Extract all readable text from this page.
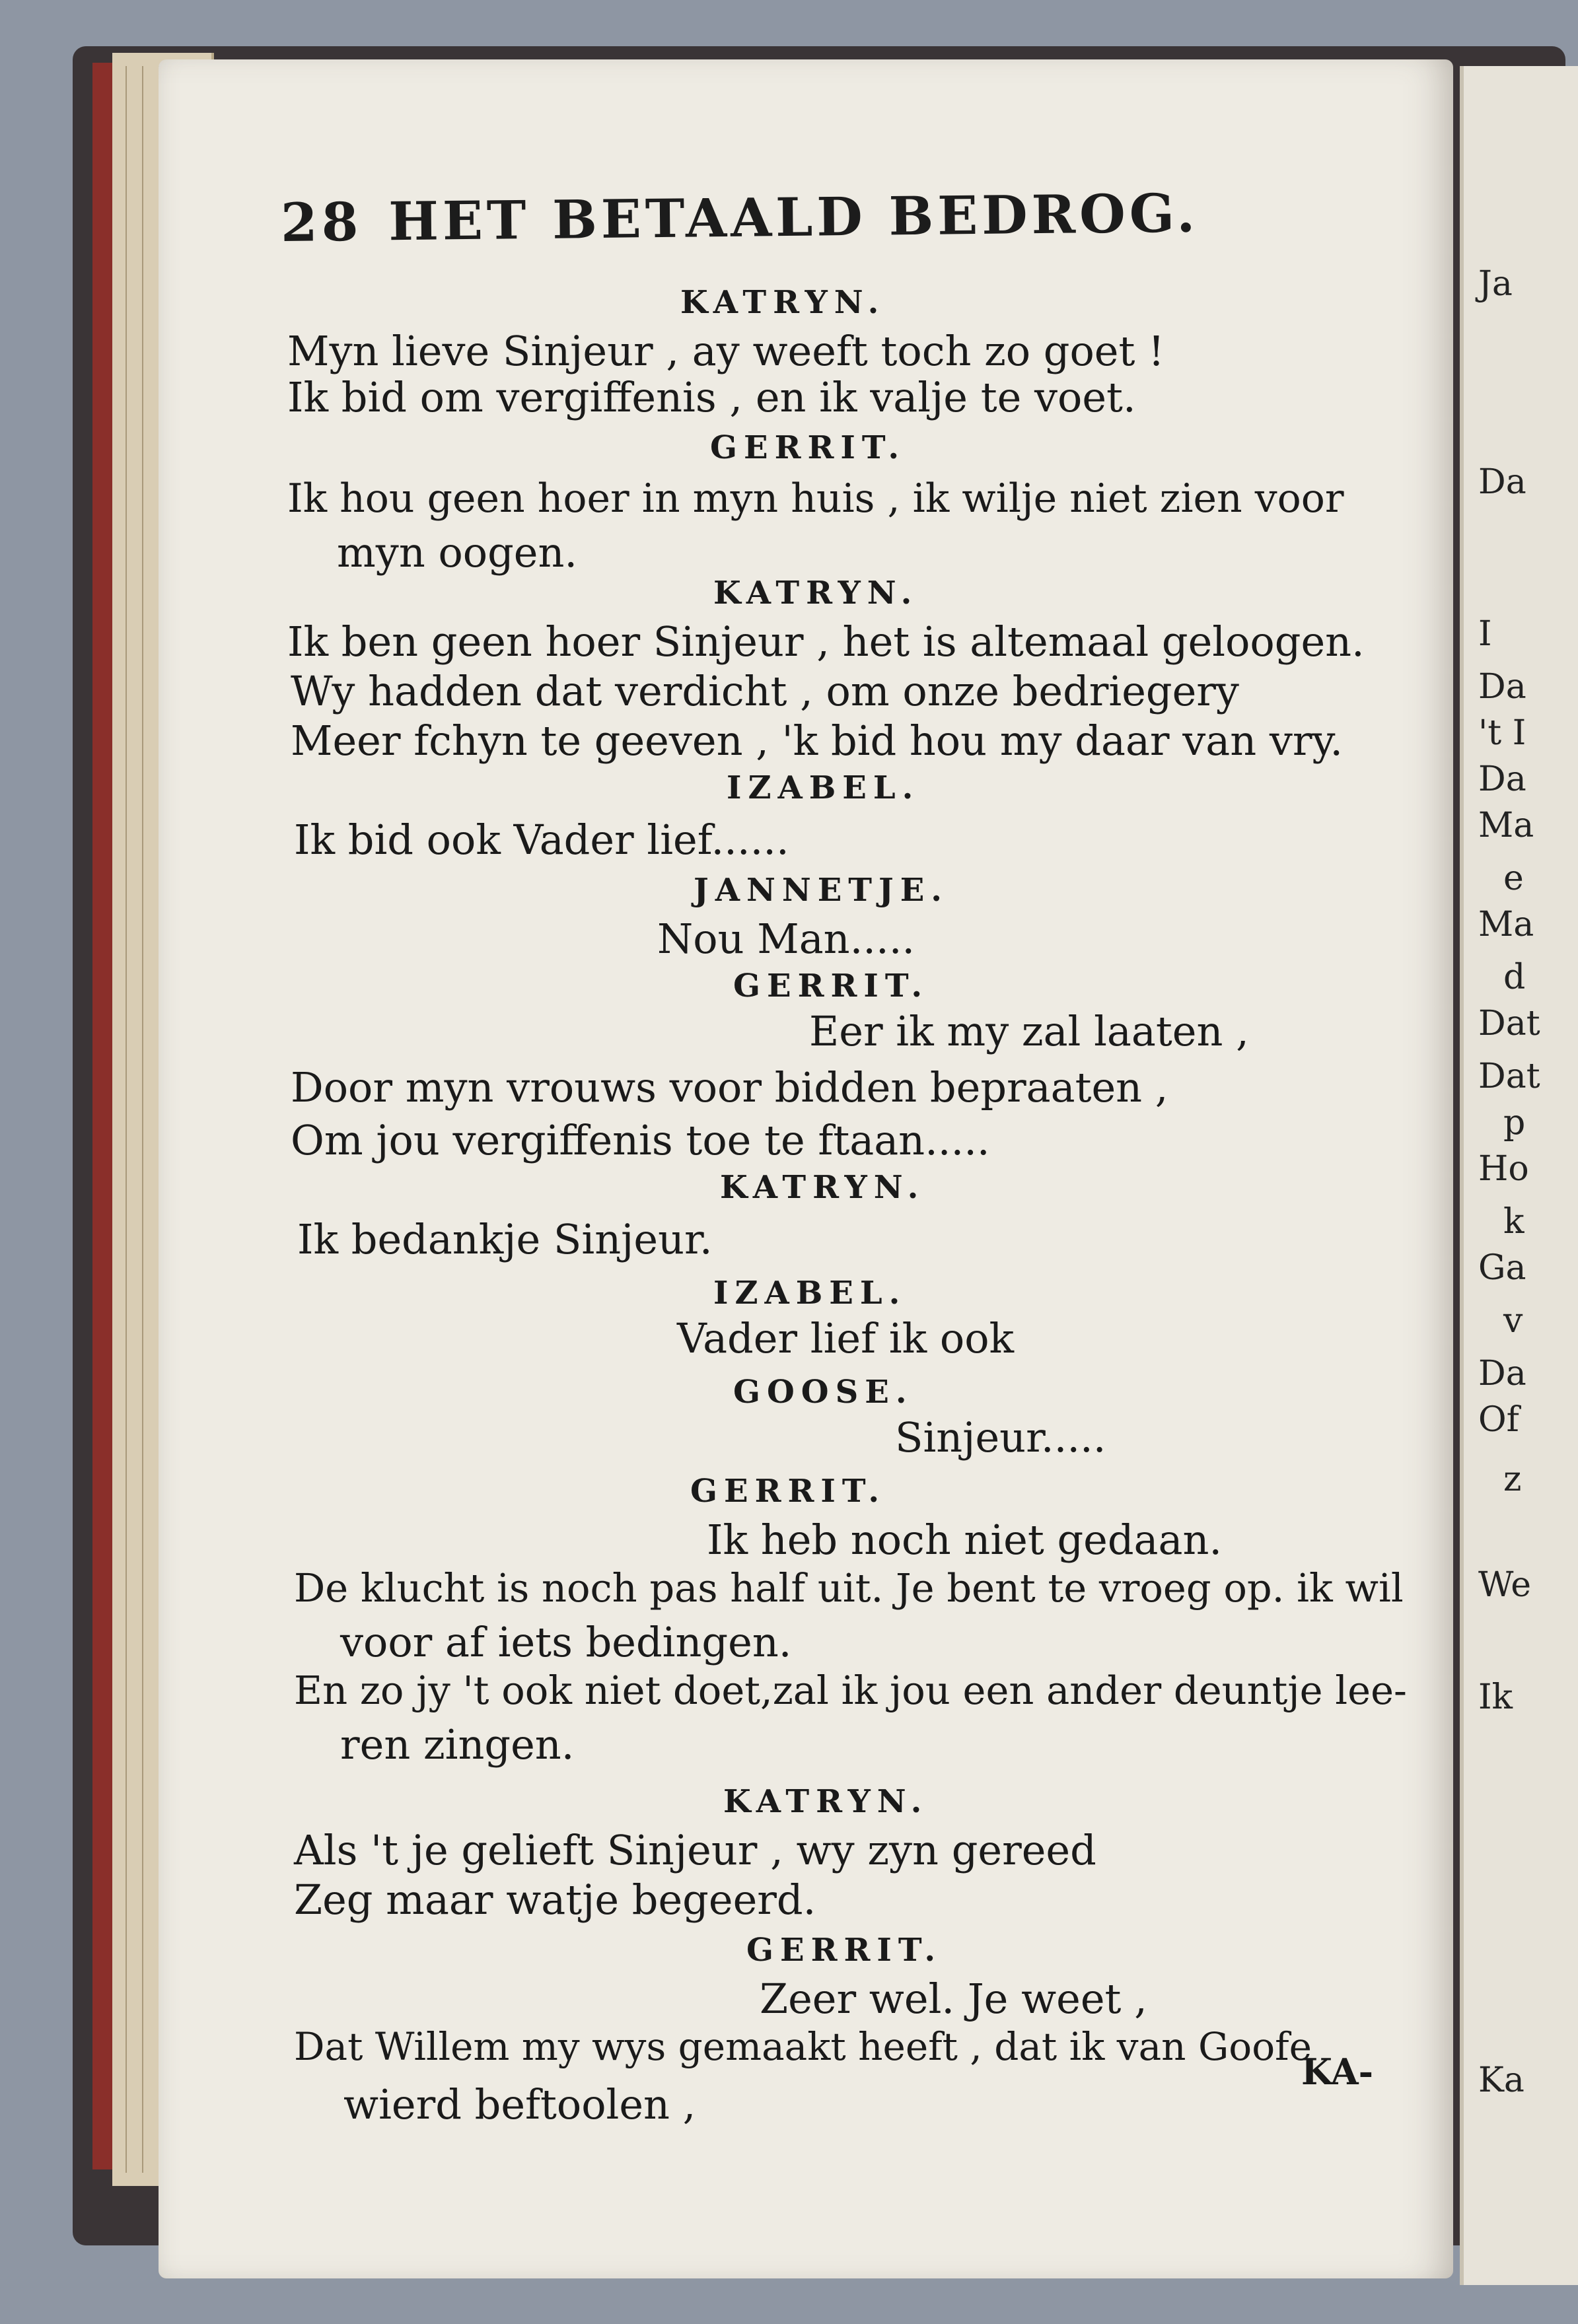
Ja
Da
I
Da
't I
Da
Ma
e
Ma
d
Dat
Dat
p
Ho
k
Ga
v
Da
Of
z
We
Ik
Ka
28 HET BETAALD BEDROG.
KATRYN.
Myn lieve Sinjeur , ay weeft toch zo goet !
Ik bid om vergiffenis , en ik valje te voet.
GERRIT.
Ik hou geen hoer in myn huis , ik wilje niet zien voor
myn oogen.
KATRYN.
Ik ben geen hoer Sinjeur , het is altemaal geloogen.
Wy hadden dat verdicht , om onze bedriegery
Meer fchyn te geeven , 'k bid hou my daar van vry.
IZABEL.
Ik bid ook Vader lief......
JANNETJE.
Nou Man.....
GERRIT.
Eer ik my zal laaten ,
Door myn vrouws voor bidden bepraaten ,
Om jou vergiffenis toe te ftaan.....
KATRYN.
Ik bedankje Sinjeur.
IZABEL.
Vader lief ik ook
GOOSE.
Sinjeur.....
GERRIT.
Ik heb noch niet gedaan.
De klucht is noch pas half uit. Je bent te vroeg op. ik wil
voor af iets bedingen.
En zo jy 't ook niet doet,zal ik jou een ander deuntje lee-
ren zingen.
KATRYN.
Als 't je gelieft Sinjeur , wy zyn gereed
Zeg maar watje begeerd.
GERRIT.
Zeer wel. Je weet ,
Dat Willem my wys gemaakt heeft , dat ik van Goofe
wierd beftoolen ,
KA-
